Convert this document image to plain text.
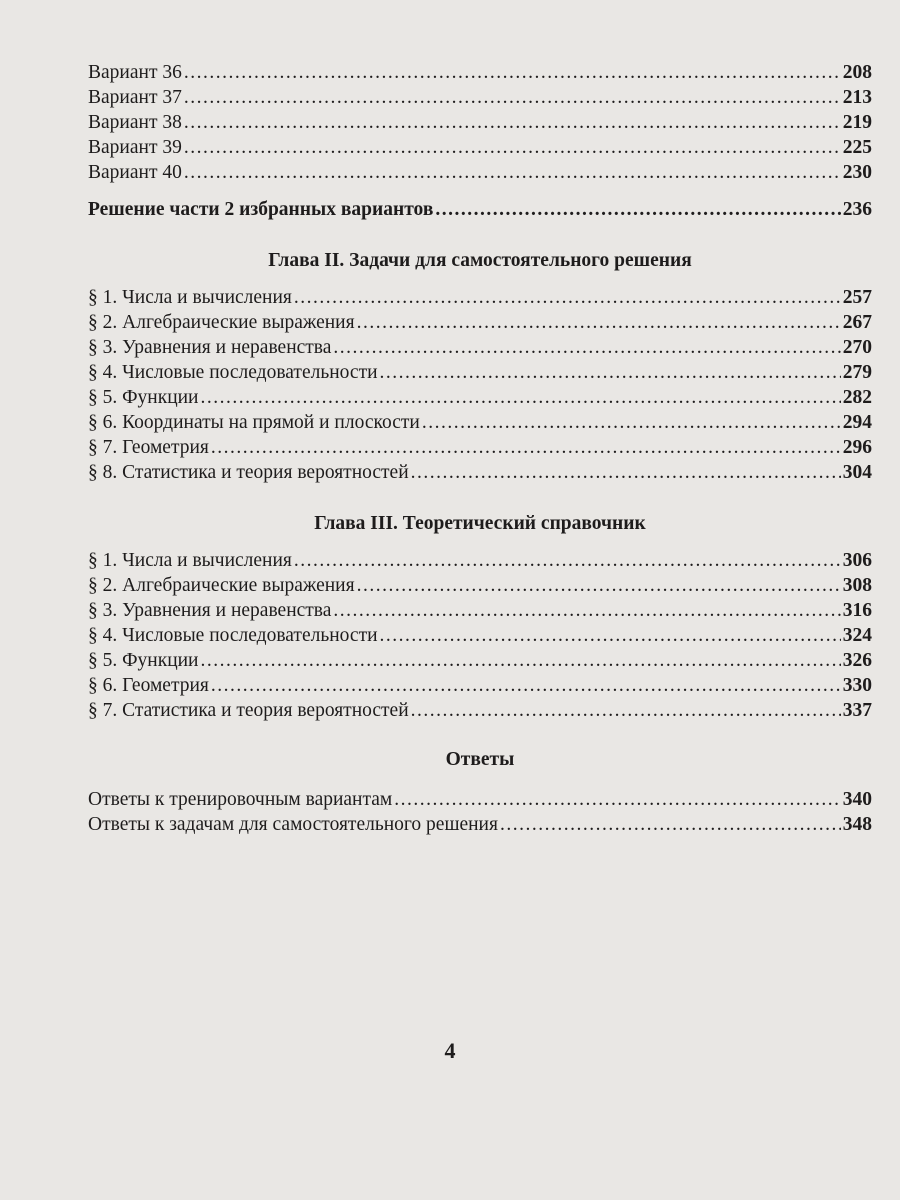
Вариант 36 .....	208
Вариант 37 .....	213
Вариант 38 .....	219
Вариант 39 .....	225
Вариант 40 .....	230
Решение части 2 избранных вариантов .....	236
Глава II. Задачи для самостоятельного решения
§ 1. Числа и вычисления .....	257
§ 2. Алгебраические выражения .....	267
§ 3. Уравнения и неравенства .....	270
§ 4. Числовые последовательности .....	279
§ 5. Функции .....	282
§ 6. Координаты на прямой и плоскости .....	294
§ 7. Геометрия .....	296
§ 8. Статистика и теория вероятностей .....	304
Глава III. Теоретический справочник
§ 1. Числа и вычисления .....	306
§ 2. Алгебраические выражения .....	308
§ 3. Уравнения и неравенства .....	316
§ 4. Числовые последовательности .....	324
§ 5. Функции .....	326
§ 6. Геометрия .....	330
§ 7. Статистика и теория вероятностей .....	337
Ответы
Ответы к тренировочным вариантам .....	340
Ответы к задачам для самостоятельного решения .....	348
4
